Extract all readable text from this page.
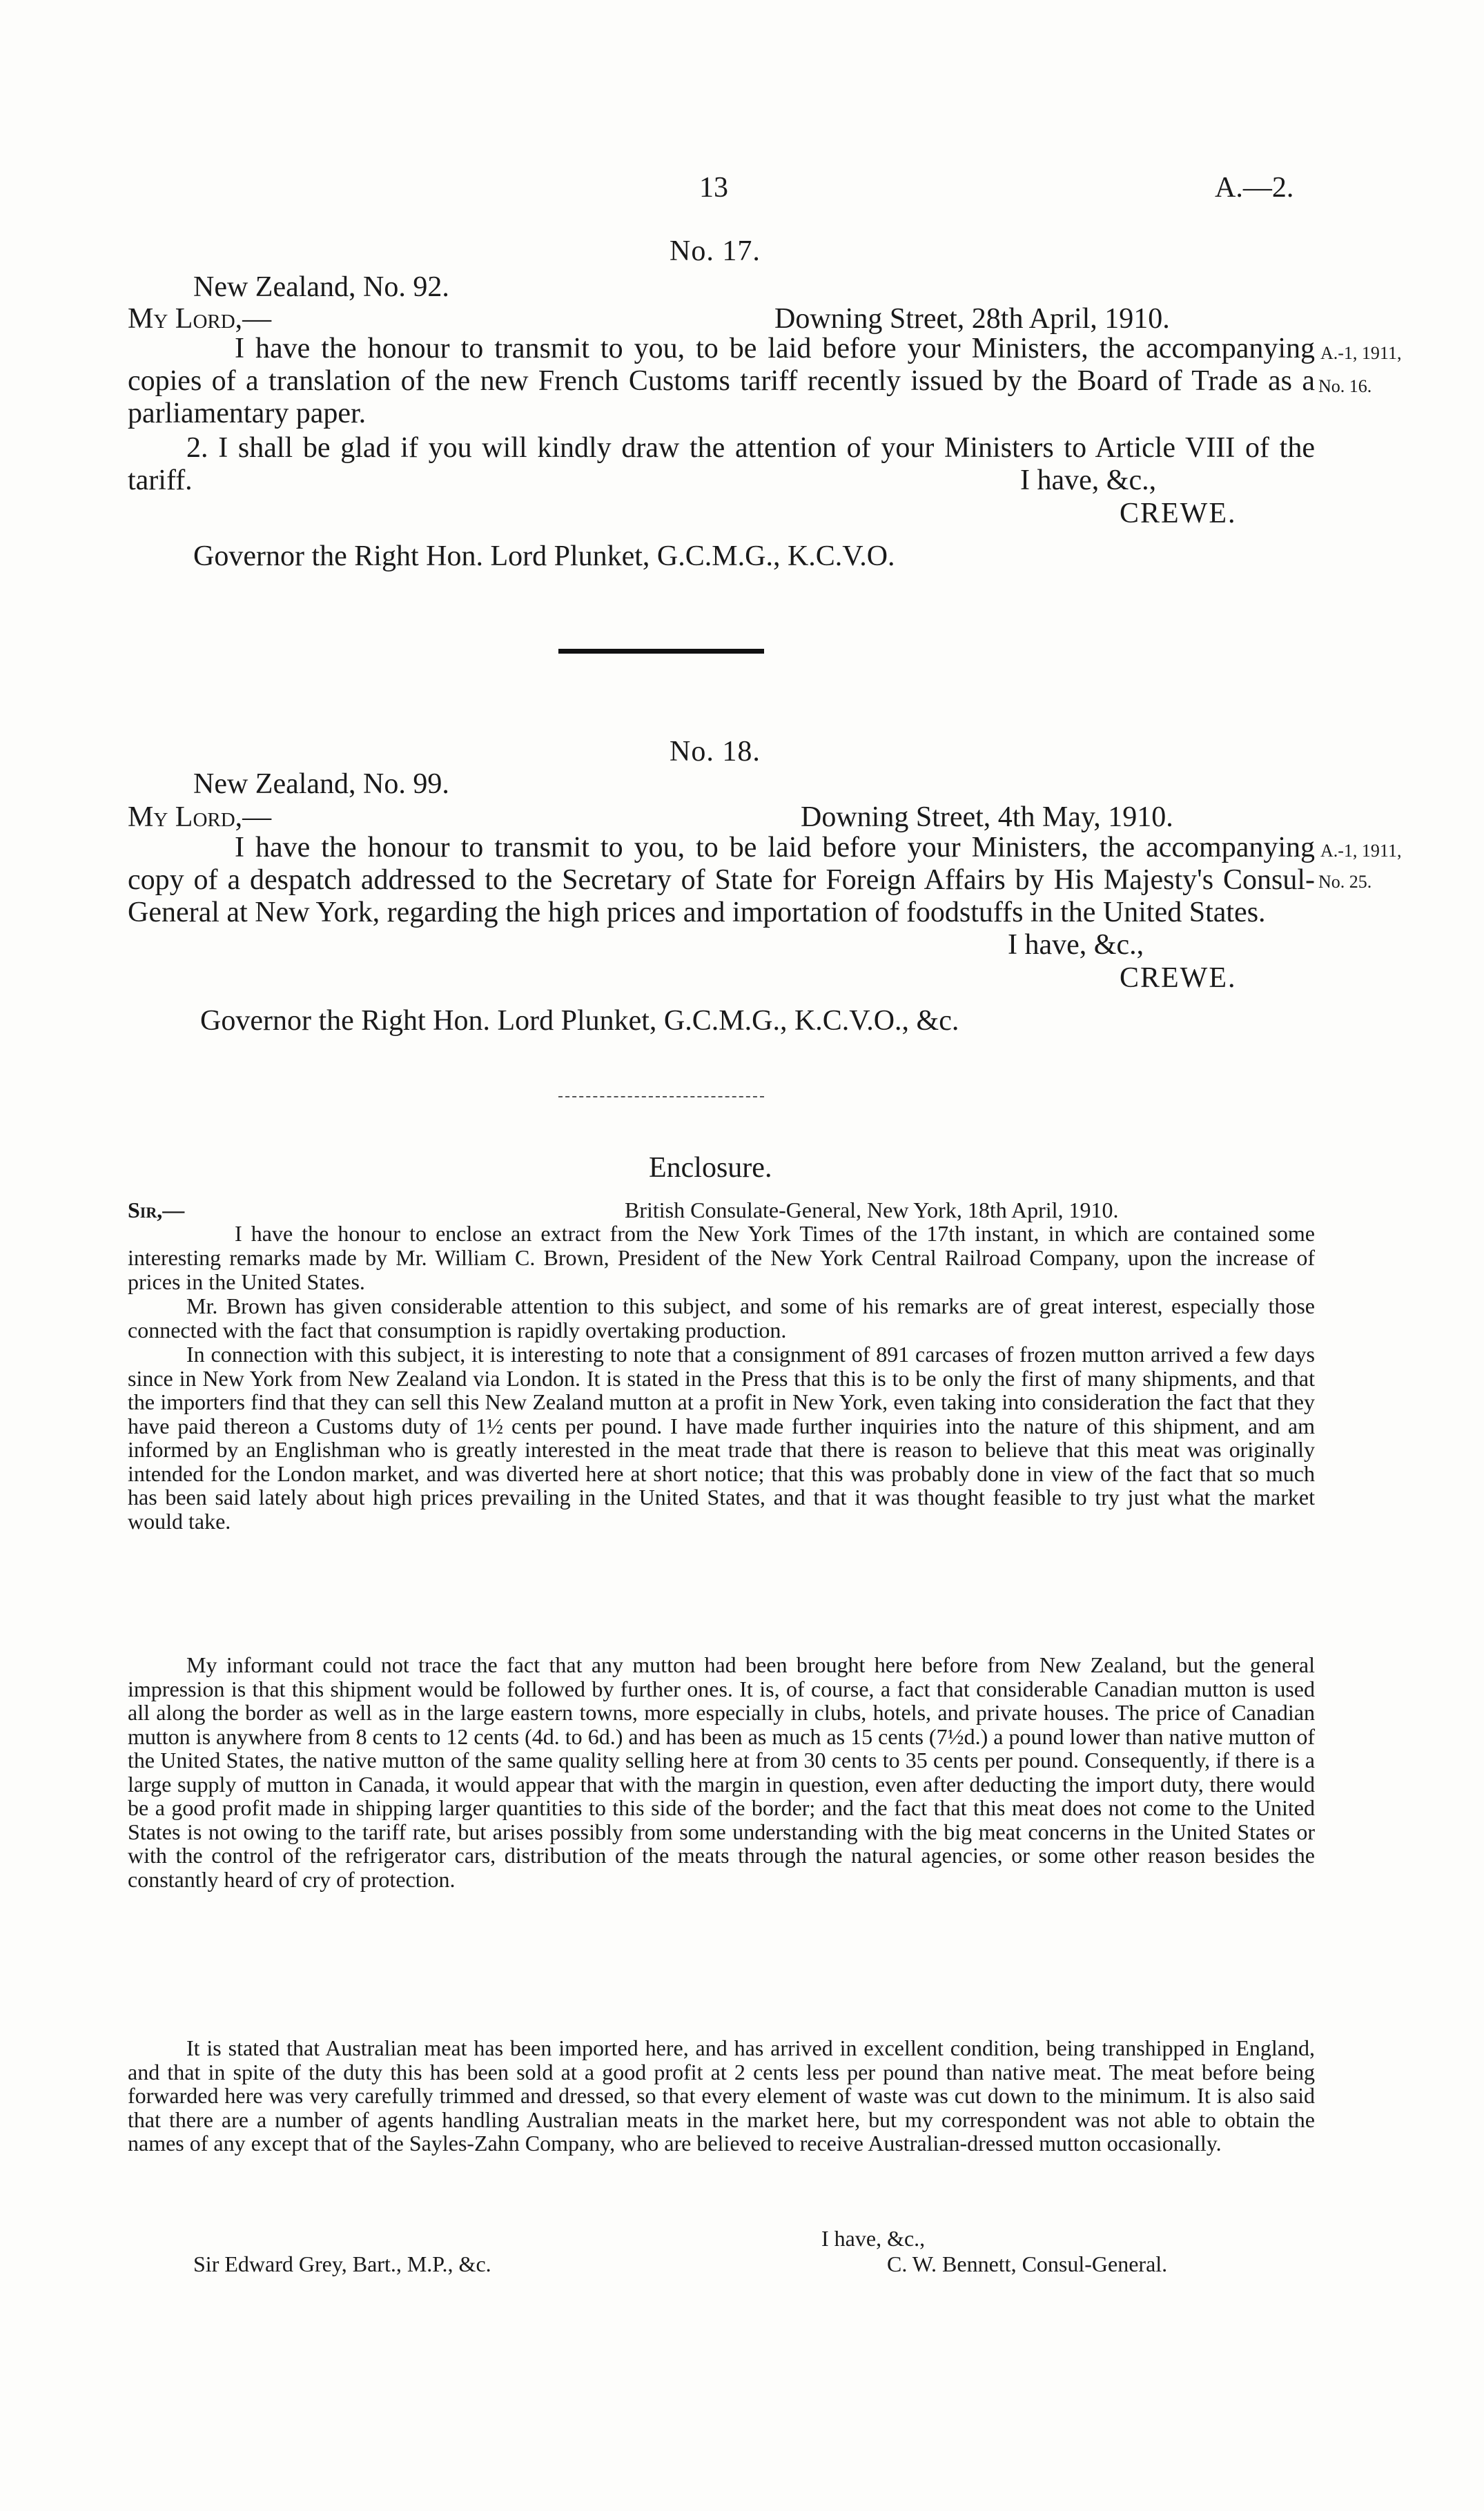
13	A.—2.
No. 17.
New Zealand, No. 92.
My Lord,—	Downing Street, 28th April, 1910.
A.-1, 1911,
No. 16.
I have the honour to transmit to you, to be laid before your Ministers, the accompanying copies of a translation of the new French Customs tariff recently issued by the Board of Trade as a parliamentary paper.
2. I shall be glad if you will kindly draw the attention of your Ministers to Article VIII of the tariff.	I have, &c.,
CREWE.
Governor the Right Hon. Lord Plunket, G.C.M.G., K.C.V.O.
No. 18.
New Zealand, No. 99.
My Lord,—	Downing Street, 4th May, 1910.
A.-1, 1911,
No. 25.
I have the honour to transmit to you, to be laid before your Ministers, the accompanying copy of a despatch addressed to the Secretary of State for Foreign Affairs by His Majesty's Consul-General at New York, regarding the high prices and importation of foodstuffs in the United States.
I have, &c.,
CREWE.
Governor the Right Hon. Lord Plunket, G.C.M.G., K.C.V.O., &c.
Enclosure.
Sir,—	British Consulate-General, New York, 18th April, 1910.
I have the honour to enclose an extract from the New York Times of the 17th instant, in which are contained some interesting remarks made by Mr. William C. Brown, President of the New York Central Railroad Company, upon the increase of prices in the United States.
Mr. Brown has given considerable attention to this subject, and some of his remarks are of great interest, especially those connected with the fact that consumption is rapidly overtaking production.
In connection with this subject, it is interesting to note that a consignment of 891 carcases of frozen mutton arrived a few days since in New York from New Zealand via London. It is stated in the Press that this is to be only the first of many shipments, and that the importers find that they can sell this New Zealand mutton at a profit in New York, even taking into consideration the fact that they have paid thereon a Customs duty of 1½ cents per pound. I have made further inquiries into the nature of this shipment, and am informed by an Englishman who is greatly interested in the meat trade that there is reason to believe that this meat was originally intended for the London market, and was diverted here at short notice; that this was probably done in view of the fact that so much has been said lately about high prices prevailing in the United States, and that it was thought feasible to try just what the market would take.
My informant could not trace the fact that any mutton had been brought here before from New Zealand, but the general impression is that this shipment would be followed by further ones. It is, of course, a fact that considerable Canadian mutton is used all along the border as well as in the large eastern towns, more especially in clubs, hotels, and private houses. The price of Canadian mutton is anywhere from 8 cents to 12 cents (4d. to 6d.) and has been as much as 15 cents (7½d.) a pound lower than native mutton of the United States, the native mutton of the same quality selling here at from 30 cents to 35 cents per pound. Consequently, if there is a large supply of mutton in Canada, it would appear that with the margin in question, even after deducting the import duty, there would be a good profit made in shipping larger quantities to this side of the border; and the fact that this meat does not come to the United States is not owing to the tariff rate, but arises possibly from some understanding with the big meat concerns in the United States or with the control of the refrigerator cars, distribution of the meats through the natural agencies, or some other reason besides the constantly heard of cry of protection.
It is stated that Australian meat has been imported here, and has arrived in excellent condition, being transhipped in England, and that in spite of the duty this has been sold at a good profit at 2 cents less per pound than native meat. The meat before being forwarded here was very carefully trimmed and dressed, so that every element of waste was cut down to the minimum. It is also said that there are a number of agents handling Australian meats in the market here, but my correspondent was not able to obtain the names of any except that of the Sayles-Zahn Company, who are believed to receive Australian-dressed mutton occasionally.
I have, &c.,
Sir Edward Grey, Bart., M.P., &c.	C. W. Bennett, Consul-General.
